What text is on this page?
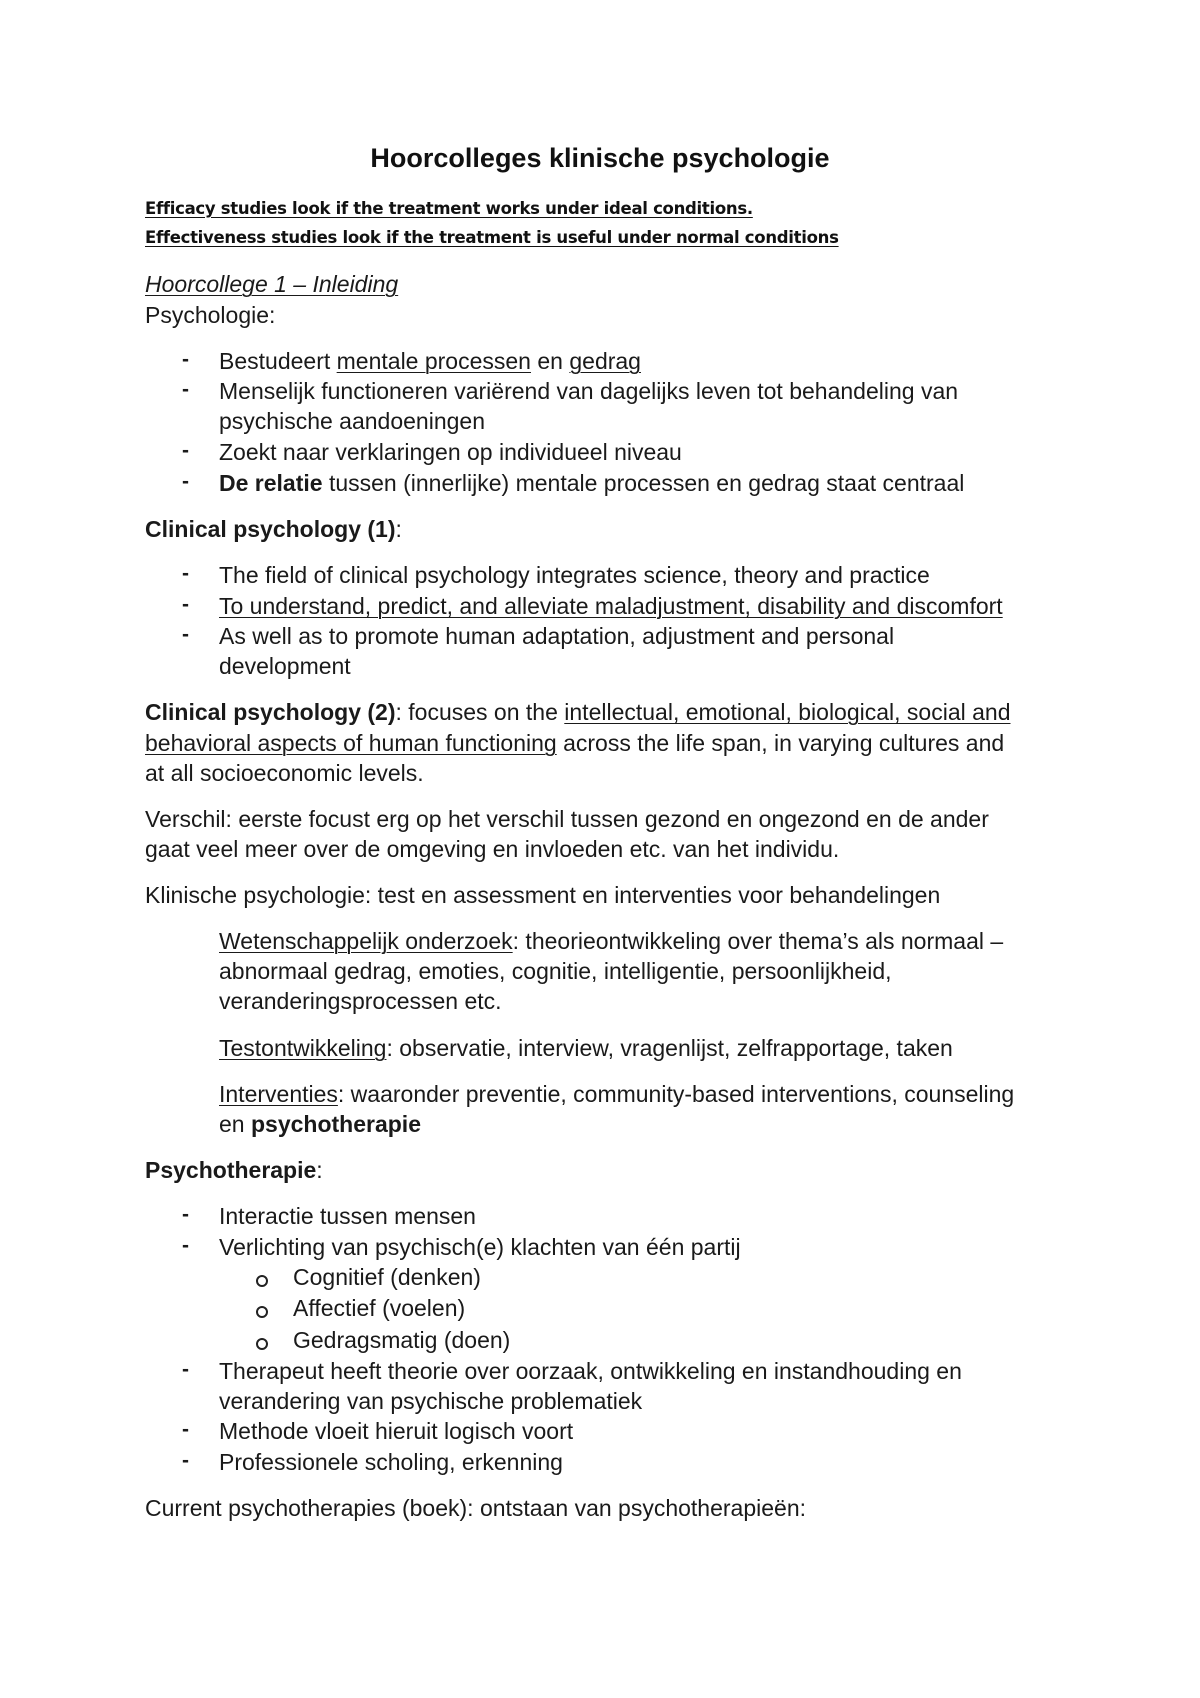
Hoorcolleges klinische psychologie
Efficacy studies look if the treatment works under ideal conditions.
Effectiveness studies look if the treatment is useful under normal conditions
Hoorcollege 1 – Inleiding
Psychologie:
- Bestudeert mentale processen en gedrag
- Menselijk functioneren variërend van dagelijks leven tot behandeling van
psychische aandoeningen
- Zoekt naar verklaringen op individueel niveau
- De relatie tussen (innerlijke) mentale processen en gedrag staat centraal
Clinical psychology (1):
- The field of clinical psychology integrates science, theory and practice
- To understand, predict, and alleviate maladjustment, disability and discomfort
- As well as to promote human adaptation, adjustment and personal
development
Clinical psychology (2): focuses on the intellectual, emotional, biological, social and
behavioral aspects of human functioning across the life span, in varying cultures and
at all socioeconomic levels.
Verschil: eerste focust erg op het verschil tussen gezond en ongezond en de ander
gaat veel meer over de omgeving en invloeden etc. van het individu.
Klinische psychologie: test en assessment en interventies voor behandelingen
Wetenschappelijk onderzoek: theorieontwikkeling over thema’s als normaal –
abnormaal gedrag, emoties, cognitie, intelligentie, persoonlijkheid,
veranderingsprocessen etc.
Testontwikkeling: observatie, interview, vragenlijst, zelfrapportage, taken
Interventies: waaronder preventie, community-based interventions, counseling
en psychotherapie
Psychotherapie:
- Interactie tussen mensen
- Verlichting van psychisch(e) klachten van één partij
Cognitief (denken)
Affectief (voelen)
Gedragsmatig (doen)
- Therapeut heeft theorie over oorzaak, ontwikkeling en instandhouding en
verandering van psychische problematiek
- Methode vloeit hieruit logisch voort
- Professionele scholing, erkenning
Current psychotherapies (boek): ontstaan van psychotherapieën:
